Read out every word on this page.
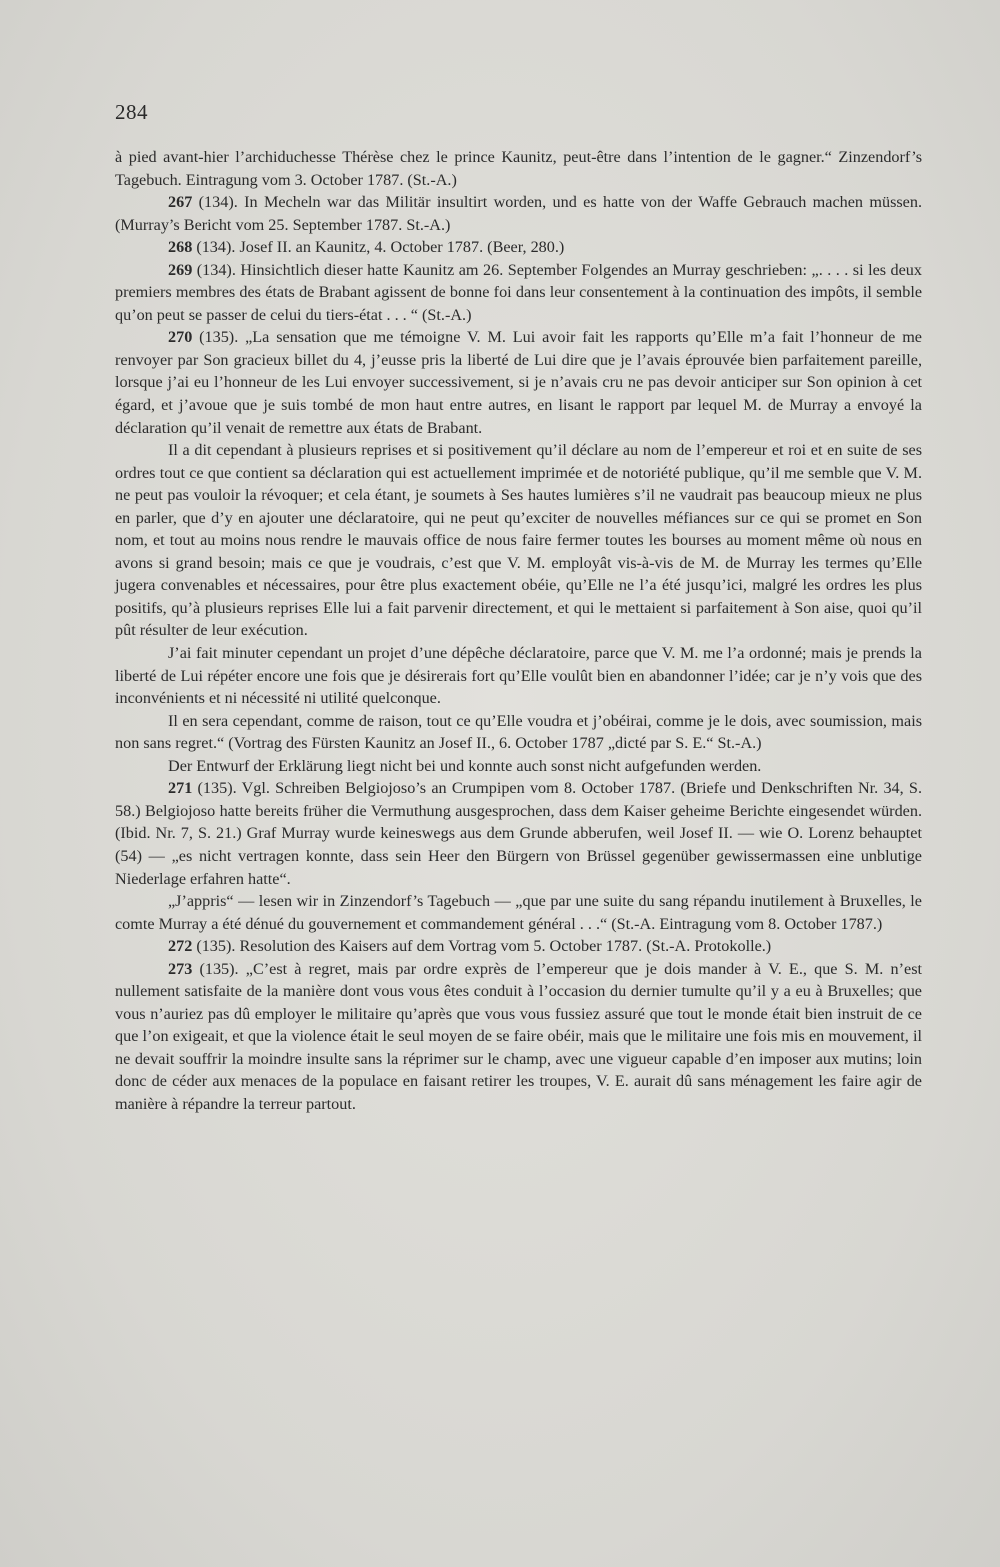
284

à pied avant-hier l’archiduchesse Thérèse chez le prince Kaunitz, peut-être dans l’intention de le gagner.“ Zinzendorf’s Tagebuch. Eintragung vom 3. October 1787. (St.-A.)

267 (134). In Mecheln war das Militär insultirt worden, und es hatte von der Waffe Gebrauch machen müssen. (Murray’s Bericht vom 25. September 1787. St.-A.)

268 (134). Josef II. an Kaunitz, 4. October 1787. (Beer, 280.)

269 (134). Hinsichtlich dieser hatte Kaunitz am 26. September Folgendes an Murray geschrieben: „. . . . si les deux premiers membres des états de Brabant agissent de bonne foi dans leur consentement à la continuation des impôts, il semble qu’on peut se passer de celui du tiers-état . . . “ (St.-A.)

270 (135). „La sensation que me témoigne V. M. Lui avoir fait les rapports qu’Elle m’a fait l’honneur de me renvoyer par Son gracieux billet du 4, j’eusse pris la liberté de Lui dire que je l’avais éprouvée bien parfaitement pareille, lorsque j’ai eu l’honneur de les Lui envoyer successivement, si je n’avais cru ne pas devoir anticiper sur Son opinion à cet égard, et j’avoue que je suis tombé de mon haut entre autres, en lisant le rapport par lequel M. de Murray a envoyé la déclaration qu’il venait de remettre aux états de Brabant.

Il a dit cependant à plusieurs reprises et si positivement qu’il déclare au nom de l’empereur et roi et en suite de ses ordres tout ce que contient sa déclaration qui est actuellement imprimée et de notoriété publique, qu’il me semble que V. M. ne peut pas vouloir la révoquer; et cela étant, je soumets à Ses hautes lumières s’il ne vaudrait pas beaucoup mieux ne plus en parler, que d’y en ajouter une déclaratoire, qui ne peut qu’exciter de nouvelles méfiances sur ce qui se promet en Son nom, et tout au moins nous rendre le mauvais office de nous faire fermer toutes les bourses au moment même où nous en avons si grand besoin; mais ce que je voudrais, c’est que V. M. employât vis-à-vis de M. de Murray les termes qu’Elle jugera convenables et nécessaires, pour être plus exactement obéie, qu’Elle ne l’a été jusqu’ici, malgré les ordres les plus positifs, qu’à plusieurs reprises Elle lui a fait parvenir directement, et qui le mettaient si parfaitement à Son aise, quoi qu’il pût résulter de leur exécution.

J’ai fait minuter cependant un projet d’une dépêche déclaratoire, parce que V. M. me l’a ordonné; mais je prends la liberté de Lui répéter encore une fois que je désirerais fort qu’Elle voulût bien en abandonner l’idée; car je n’y vois que des inconvénients et ni nécessité ni utilité quelconque.

Il en sera cependant, comme de raison, tout ce qu’Elle voudra et j’obéirai, comme je le dois, avec soumission, mais non sans regret.“ (Vortrag des Fürsten Kaunitz an Josef II., 6. October 1787 „dicté par S. E.“ St.-A.)

Der Entwurf der Erklärung liegt nicht bei und konnte auch sonst nicht aufgefunden werden.

271 (135). Vgl. Schreiben Belgiojoso’s an Crumpipen vom 8. October 1787. (Briefe und Denkschriften Nr. 34, S. 58.) Belgiojoso hatte bereits früher die Vermuthung ausgesprochen, dass dem Kaiser geheime Berichte eingesendet würden. (Ibid. Nr. 7, S. 21.) Graf Murray wurde keineswegs aus dem Grunde abberufen, weil Josef II. — wie O. Lorenz behauptet (54) — „es nicht vertragen konnte, dass sein Heer den Bürgern von Brüssel gegenüber gewissermassen eine unblutige Niederlage erfahren hatte“.

„J’appris“ — lesen wir in Zinzendorf’s Tagebuch — „que par une suite du sang répandu inutilement à Bruxelles, le comte Murray a été dénué du gouvernement et commandement général . . .“ (St.-A. Eintragung vom 8. October 1787.)

272 (135). Resolution des Kaisers auf dem Vortrag vom 5. October 1787. (St.-A. Protokolle.)

273 (135). „C’est à regret, mais par ordre exprès de l’empereur que je dois mander à V. E., que S. M. n’est nullement satisfaite de la manière dont vous vous êtes conduit à l’occasion du dernier tumulte qu’il y a eu à Bruxelles; que vous n’auriez pas dû employer le militaire qu’après que vous vous fussiez assuré que tout le monde était bien instruit de ce que l’on exigeait, et que la violence était le seul moyen de se faire obéir, mais que le militaire une fois mis en mouvement, il ne devait souffrir la moindre insulte sans la réprimer sur le champ, avec une vigueur capable d’en imposer aux mutins; loin donc de céder aux menaces de la populace en faisant retirer les troupes, V. E. aurait dû sans ménagement les faire agir de manière à répandre la terreur partout.
